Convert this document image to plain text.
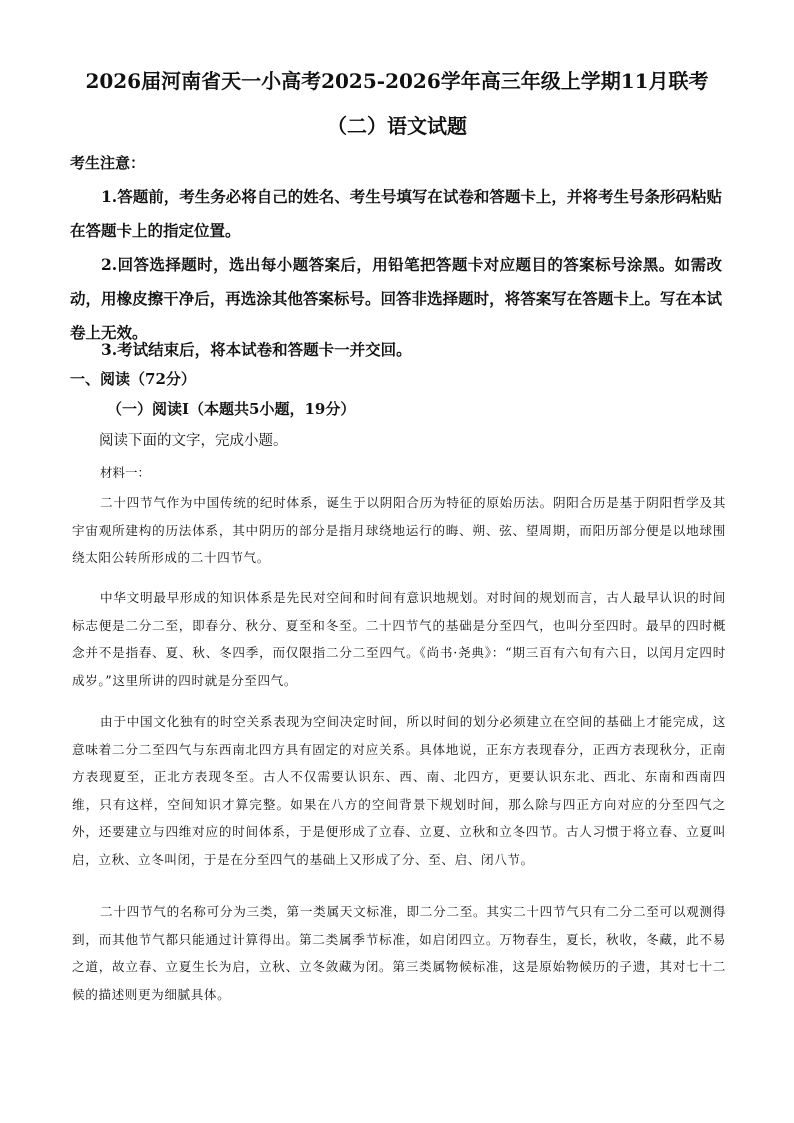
2026届河南省天一小高考2025-2026学年高三年级上学期11月联考
（二）语文试题
考生注意：
1.答题前，考生务必将自己的姓名、考生号填写在试卷和答题卡上，并将考生号条形码粘贴在答题卡上的指定位置。
2.回答选择题时，选出每小题答案后，用铅笔把答题卡对应题目的答案标号涂黑。如需改动，用橡皮擦干净后，再选涂其他答案标号。回答非选择题时，将答案写在答题卡上。写在本试卷上无效。
3.考试结束后，将本试卷和答题卡一并交回。
一、阅读（72分）
（一）阅读Ⅰ（本题共5小题，19分）
阅读下面的文字，完成小题。
材料一：
二十四节气作为中国传统的纪时体系，诞生于以阴阳合历为特征的原始历法。阴阳合历是基于阴阳哲学及其宇宙观所建构的历法体系，其中阴历的部分是指月球绕地运行的晦、朔、弦、望周期，而阳历部分便是以地球围绕太阳公转所形成的二十四节气。
中华文明最早形成的知识体系是先民对空间和时间有意识地规划。对时间的规划而言，古人最早认识的时间标志便是二分二至，即春分、秋分、夏至和冬至。二十四节气的基础是分至四气，也叫分至四时。最早的四时概念并不是指春、夏、秋、冬四季，而仅限指二分二至四气。《尚书·尧典》：“期三百有六旬有六日，以闰月定四时成岁。”这里所讲的四时就是分至四气。
由于中国文化独有的时空关系表现为空间决定时间，所以时间的划分必须建立在空间的基础上才能完成，这意味着二分二至四气与东西南北四方具有固定的对应关系。具体地说，正东方表现春分，正西方表现秋分，正南方表现夏至，正北方表现冬至。古人不仅需要认识东、西、南、北四方，更要认识东北、西北、东南和西南四维，只有这样，空间知识才算完整。如果在八方的空间背景下规划时间，那么除与四正方向对应的分至四气之外，还要建立与四维对应的时间体系，于是便形成了立春、立夏、立秋和立冬四节。古人习惯于将立春、立夏叫启，立秋、立冬叫闭，于是在分至四气的基础上又形成了分、至、启、闭八节。
二十四节气的名称可分为三类，第一类属天文标准，即二分二至。其实二十四节气只有二分二至可以观测得到，而其他节气都只能通过计算得出。第二类属季节标准，如启闭四立。万物春生，夏长，秋收，冬藏，此不易之道，故立春、立夏生长为启，立秋、立冬敛藏为闭。第三类属物候标准，这是原始物候历的子遗，其对七十二候的描述则更为细腻具体。
